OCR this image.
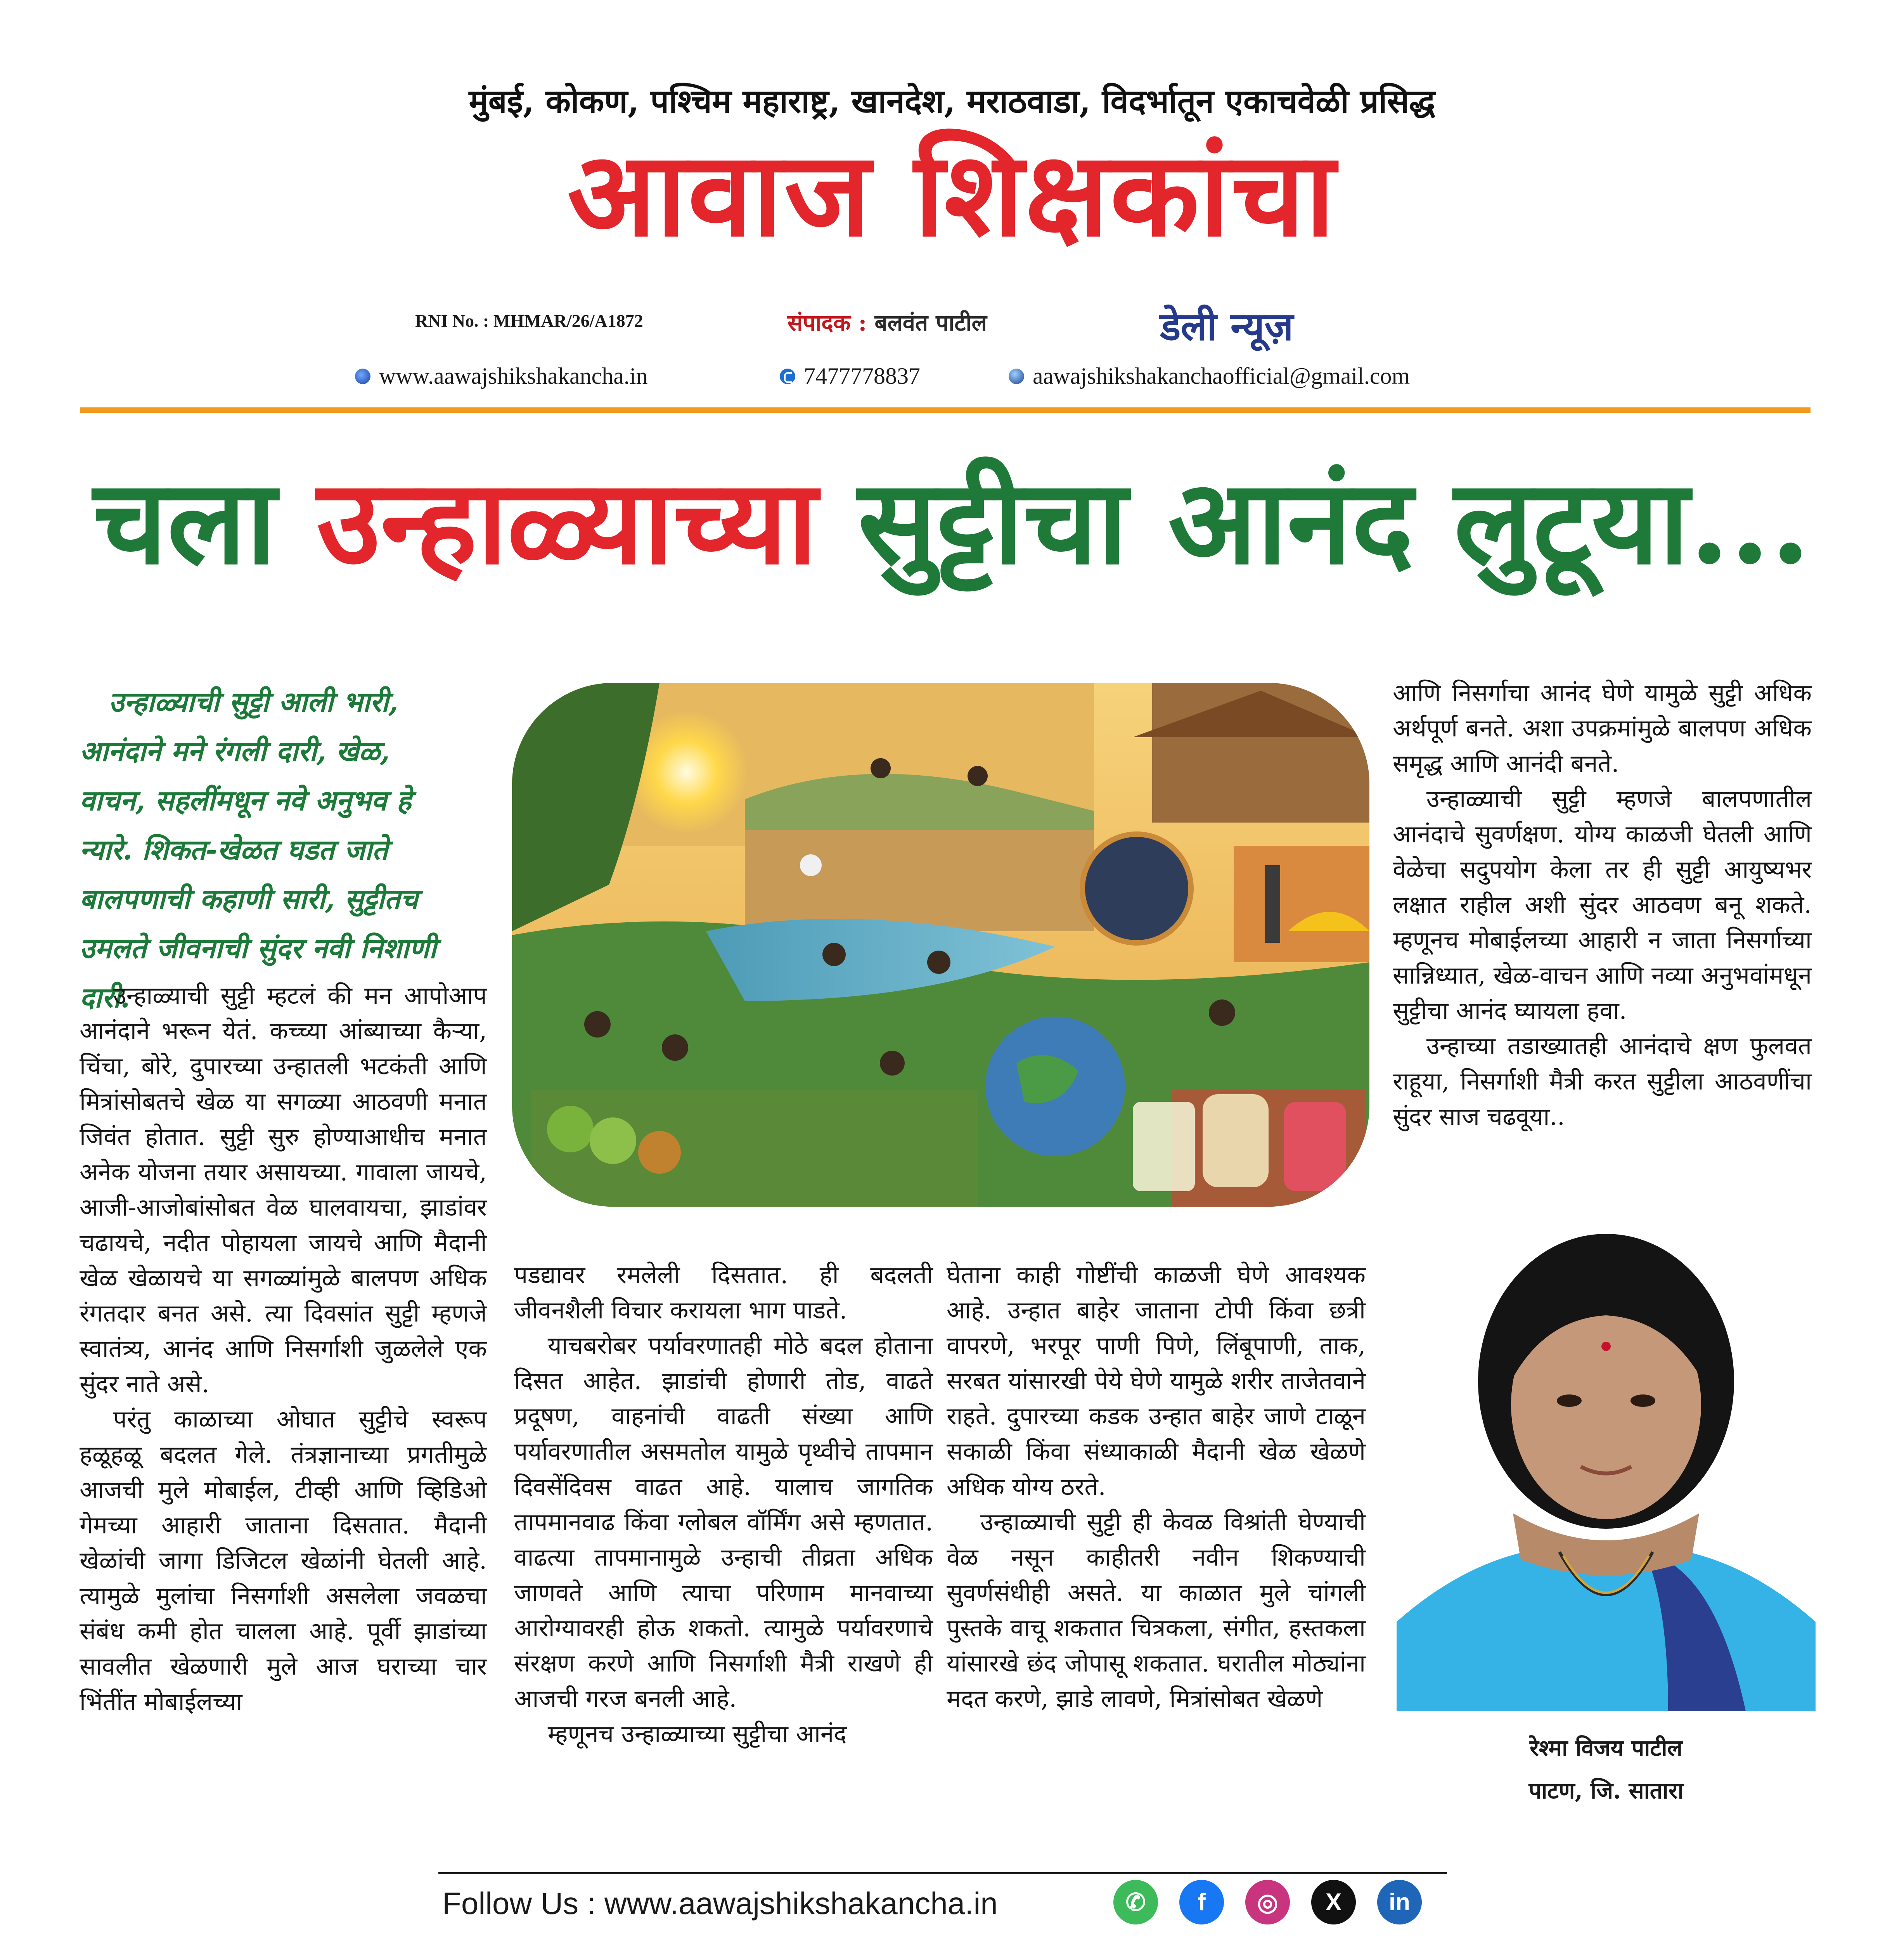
मुंबई, कोकण, पश्चिम महाराष्ट्र, खानदेश, मराठवाडा, विदर्भातून एकाचवेळी प्रसिद्ध
आवाज शिक्षकांचा
RNI No. : MHMAR/26/A1872	संपादक : बलवंत पाटील	डेली न्यूज़
www.aawajshikshakancha.in	7477778837	aawajshikshakanchaofficial@gmail.com
चला उन्हाळ्याच्या सुट्टीचा आनंद लुटूया...
उन्हाळ्याची सुट्टी आली भारी, आनंदाने मने रंगली दारी, खेळ, वाचन, सहलींमधून नवे अनुभव हे न्यारे. शिकत-खेळत घडत जाते बालपणाची कहाणी सारी, सुट्टीतच उमलते जीवनाची सुंदर नवी निशाणी दारी.

उन्हाळ्याची सुट्टी म्हटलं की मन आपोआप आनंदाने भरून येतं. कच्च्या आंब्याच्या कैऱ्या, चिंचा, बोरे, दुपारच्या उन्हातली भटकंती आणि मित्रांसोबतचे खेळ या सगळ्या आठवणी मनात जिवंत होतात. सुट्टी सुरु होण्याआधीच मनात अनेक योजना तयार असायच्या. गावाला जायचे, आजी-आजोबांसोबत वेळ घालवायचा, झाडांवर चढायचे, नदीत पोहायला जायचे आणि मैदानी खेळ खेळायचे या सगळ्यांमुळे बालपण अधिक रंगतदार बनत असे. त्या दिवसांत सुट्टी म्हणजे स्वातंत्र्य, आनंद आणि निसर्गाशी जुळलेले एक सुंदर नाते असे.

परंतु काळाच्या ओघात सुट्टीचे स्वरूप हळूहळू बदलत गेले. तंत्रज्ञानाच्या प्रगतीमुळे आजची मुले मोबाईल, टीव्ही आणि व्हिडिओ गेमच्या आहारी जाताना दिसतात. मैदानी खेळांची जागा डिजिटल खेळांनी घेतली आहे. त्यामुळे मुलांचा निसर्गाशी असलेला जवळचा संबंध कमी होत चालला आहे. पूर्वी झाडांच्या सावलीत खेळणारी मुले आज घराच्या चार भिंतींत मोबाईलच्या

पडद्यावर रमलेली दिसतात. ही बदलती जीवनशैली विचार करायला भाग पाडते.

याचबरोबर पर्यावरणातही मोठे बदल होताना दिसत आहेत. झाडांची होणारी तोड, वाढते प्रदूषण, वाहनांची वाढती संख्या आणि पर्यावरणातील असमतोल यामुळे पृथ्वीचे तापमान दिवसेंदिवस वाढत आहे. यालाच जागतिक तापमानवाढ किंवा ग्लोबल वॉर्मिंग असे म्हणतात. वाढत्या तापमानामुळे उन्हाची तीव्रता अधिक जाणवते आणि त्याचा परिणाम मानवाच्या आरोग्यावरही होऊ शकतो. त्यामुळे पर्यावरणाचे संरक्षण करणे आणि निसर्गाशी मैत्री राखणे ही आजची गरज बनली आहे.

म्हणूनच उन्हाळ्याच्या सुट्टीचा आनंद

घेताना काही गोष्टींची काळजी घेणे आवश्यक आहे. उन्हात बाहेर जाताना टोपी किंवा छत्री वापरणे, भरपूर पाणी पिणे, लिंबूपाणी, ताक, सरबत यांसारखी पेये घेणे यामुळे शरीर ताजेतवाने राहते. दुपारच्या कडक उन्हात बाहेर जाणे टाळून सकाळी किंवा संध्याकाळी मैदानी खेळ खेळणे अधिक योग्य ठरते.

उन्हाळ्याची सुट्टी ही केवळ विश्रांती घेण्याची वेळ नसून काहीतरी नवीन शिकण्याची सुवर्णसंधीही असते. या काळात मुले चांगली पुस्तके वाचू शकतात चित्रकला, संगीत, हस्तकला यांसारखे छंद जोपासू शकतात. घरातील मोठ्यांना मदत करणे, झाडे लावणे, मित्रांसोबत खेळणे

आणि निसर्गाचा आनंद घेणे यामुळे सुट्टी अधिक अर्थपूर्ण बनते. अशा उपक्रमांमुळे बालपण अधिक समृद्ध आणि आनंदी बनते.

उन्हाळ्याची सुट्टी म्हणजे बालपणातील आनंदाचे सुवर्णक्षण. योग्य काळजी घेतली आणि वेळेचा सदुपयोग केला तर ही सुट्टी आयुष्यभर लक्षात राहील अशी सुंदर आठवण बनू शकते. म्हणूनच मोबाईलच्या आहारी न जाता निसर्गाच्या सान्निध्यात, खेळ-वाचन आणि नव्या अनुभवांमधून सुट्टीचा आनंद घ्यायला हवा.

उन्हाच्या तडाख्यातही आनंदाचे क्षण फुलवत राहूया, निसर्गाशी मैत्री करत सुट्टीला आठवणींचा सुंदर साज चढवूया..

रेश्मा विजय पाटील
पाटण, जि. सातारा
Follow Us : www.aawajshikshakancha.in	✆	f	◎	X	in
